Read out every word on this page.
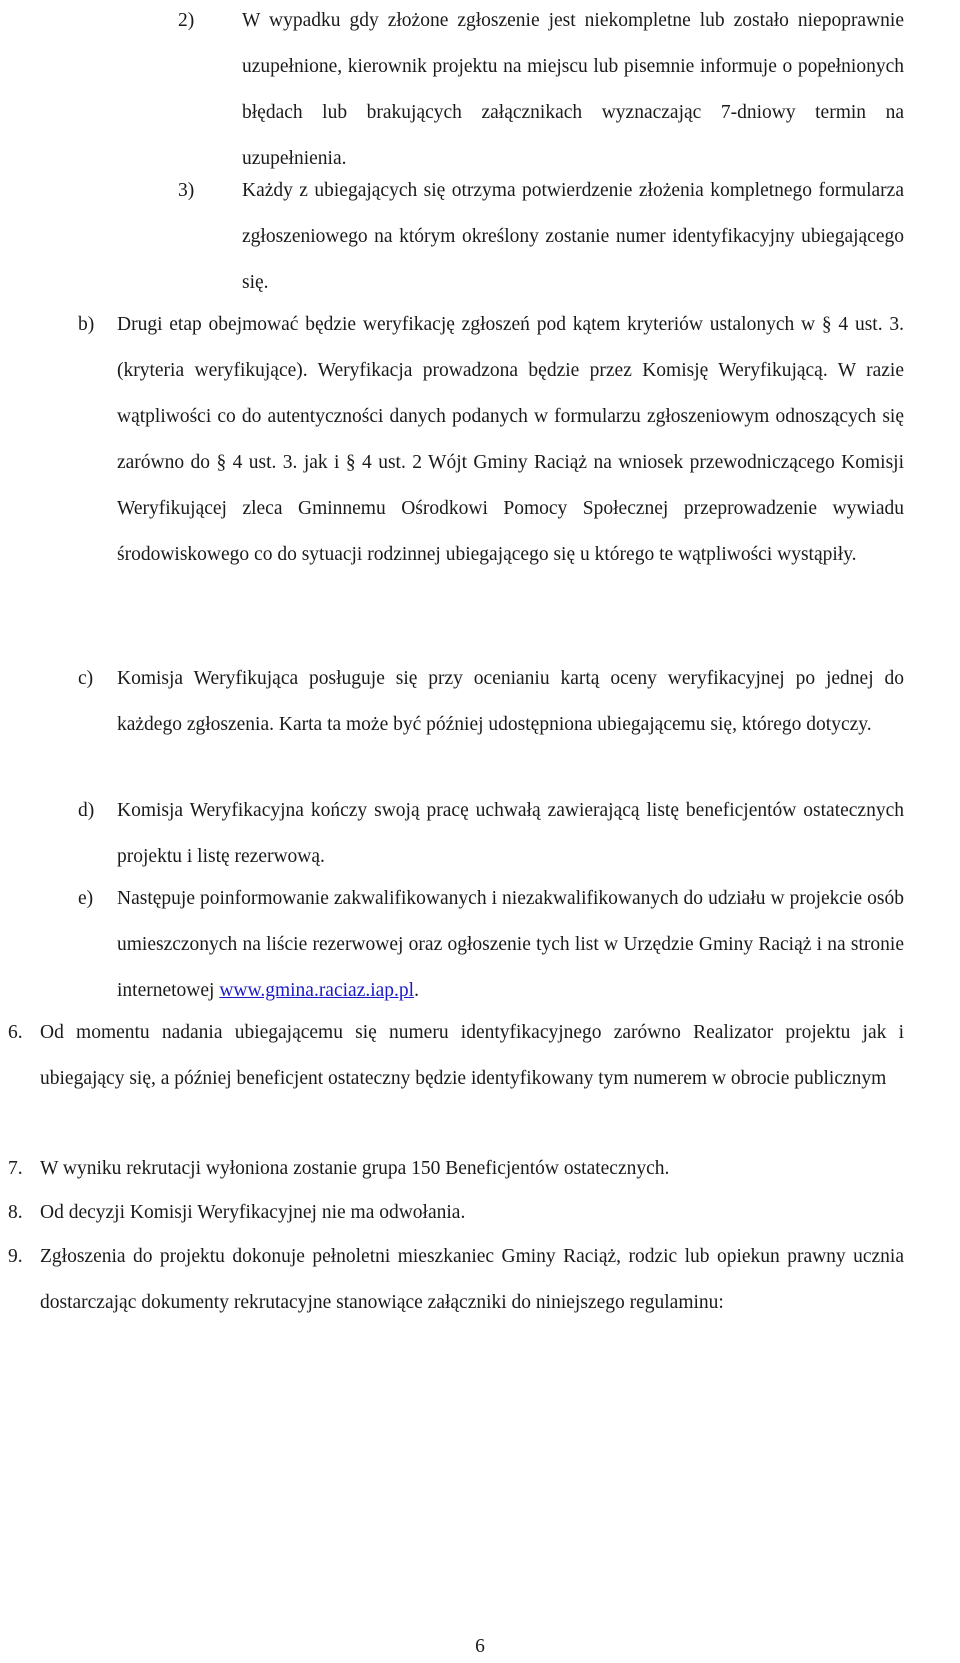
2) W wypadku gdy złożone zgłoszenie jest niekompletne lub zostało niepoprawnie uzupełnione, kierownik projektu na miejscu lub pisemnie informuje o popełnionych błędach lub brakujących załącznikach wyznaczając 7-dniowy termin na uzupełnienia.
3) Każdy z ubiegających się otrzyma potwierdzenie złożenia kompletnego formularza zgłoszeniowego na którym określony zostanie numer identyfikacyjny ubiegającego się.
b) Drugi etap obejmować będzie weryfikację zgłoszeń pod kątem kryteriów ustalonych w § 4 ust. 3. (kryteria weryfikujące). Weryfikacja prowadzona będzie przez Komisję Weryfikującą. W razie wątpliwości co do autentyczności danych podanych w formularzu zgłoszeniowym odnoszących się zarówno do § 4 ust. 3. jak i § 4 ust. 2 Wójt Gminy Raciąż na wniosek przewodniczącego Komisji Weryfikującej zleca Gminnemu Ośrodkowi Pomocy Społecznej przeprowadzenie wywiadu środowiskowego co do sytuacji rodzinnej ubiegającego się u którego te wątpliwości wystąpiły.
c) Komisja Weryfikująca posługuje się przy ocenianiu kartą oceny weryfikacyjnej po jednej do każdego zgłoszenia. Karta ta może być później udostępniona ubiegającemu się, którego dotyczy.
d) Komisja Weryfikacyjna kończy swoją pracę uchwałą zawierającą listę beneficjentów ostatecznych projektu i listę rezerwową.
e) Następuje poinformowanie zakwalifikowanych i niezakwalifikowanych do udziału w projekcie osób umieszczonych na liście rezerwowej oraz ogłoszenie tych list w Urzędzie Gminy Raciąż i na stronie internetowej www.gmina.raciaz.iap.pl.
6. Od momentu nadania ubiegającemu się numeru identyfikacyjnego zarówno Realizator projektu jak i ubiegający się, a później beneficjent ostateczny będzie identyfikowany tym numerem w obrocie publicznym
7. W wyniku rekrutacji wyłoniona zostanie grupa 150 Beneficjentów ostatecznych.
8. Od decyzji Komisji Weryfikacyjnej nie ma odwołania.
9. Zgłoszenia do projektu dokonuje pełnoletni mieszkaniec Gminy Raciąż, rodzic lub opiekun prawny ucznia dostarczając dokumenty rekrutacyjne stanowiące załączniki do niniejszego regulaminu:
6
